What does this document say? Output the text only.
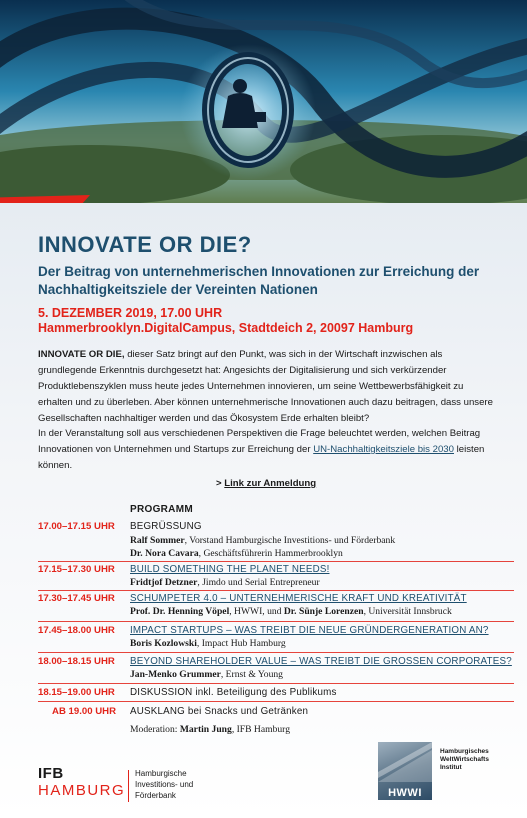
INNOVATE OR DIE?
Der Beitrag von unternehmerischen Innovationen zur Erreichung der Nachhaltigkeitsziele der Vereinten Nationen
5. DEZEMBER 2019, 17.00 UHR
Hammerbrooklyn.DigitalCampus, Stadtdeich 2, 20097 Hamburg
INNOVATE OR DIE, dieser Satz bringt auf den Punkt, was sich in der Wirtschaft inzwischen als grundlegende Erkenntnis durchgesetzt hat: Angesichts der Digitalisierung und sich verkürzender Produktlebenszyklen muss heute jedes Unternehmen innovieren, um seine Wettbewerbsfähigkeit zu erhalten und zu überleben. Aber können unternehmerische Innovationen auch dazu beitragen, dass unsere Gesellschaften nachhaltiger werden und das Ökosystem Erde erhalten bleibt?
In der Veranstaltung soll aus verschiedenen Perspektiven die Frage beleuchtet werden, welchen Beitrag Innovationen von Unternehmen und Startups zur Erreichung der UN-Nachhaltigkeitsziele bis 2030 leisten können.
> Link zur Anmeldung
PROGRAMM
17.00–17.15 UHR	BEGRÜSSUNG
Ralf Sommer, Vorstand Hamburgische Investitions- und Förderbank
Dr. Nora Cavara, Geschäftsführerin Hammerbrooklyn
17.15–17.30 UHR	BUILD SOMETHING THE PLANET NEEDS!
Fridtjof Detzner, Jimdo und Serial Entrepreneur
17.30–17.45 UHR	SCHUMPETER 4.0 – UNTERNEHMERISCHE KRAFT UND KREATIVITÄT
Prof. Dr. Henning Vöpel, HWWI, und Dr. Sünje Lorenzen, Universität Innsbruck
17.45–18.00 UHR	IMPACT STARTUPS – WAS TREIBT DIE NEUE GRÜNDERGENERATION AN?
Boris Kozlowski, Impact Hub Hamburg
18.00–18.15 UHR	BEYOND SHAREHOLDER VALUE – WAS TREIBT DIE GROSSEN CORPORATES?
Jan-Menko Grummer, Ernst & Young
18.15–19.00 UHR	DISKUSSION inkl. Beteiligung des Publikums
AB 19.00 UHR AUSKLANG bei Snacks und Getränken
Moderation: Martin Jung, IFB Hamburg
IFB
HAMBURG
Hamburgische Investitions- und Förderbank	HWWI
Hamburgisches WeltWirtschafts Institut
